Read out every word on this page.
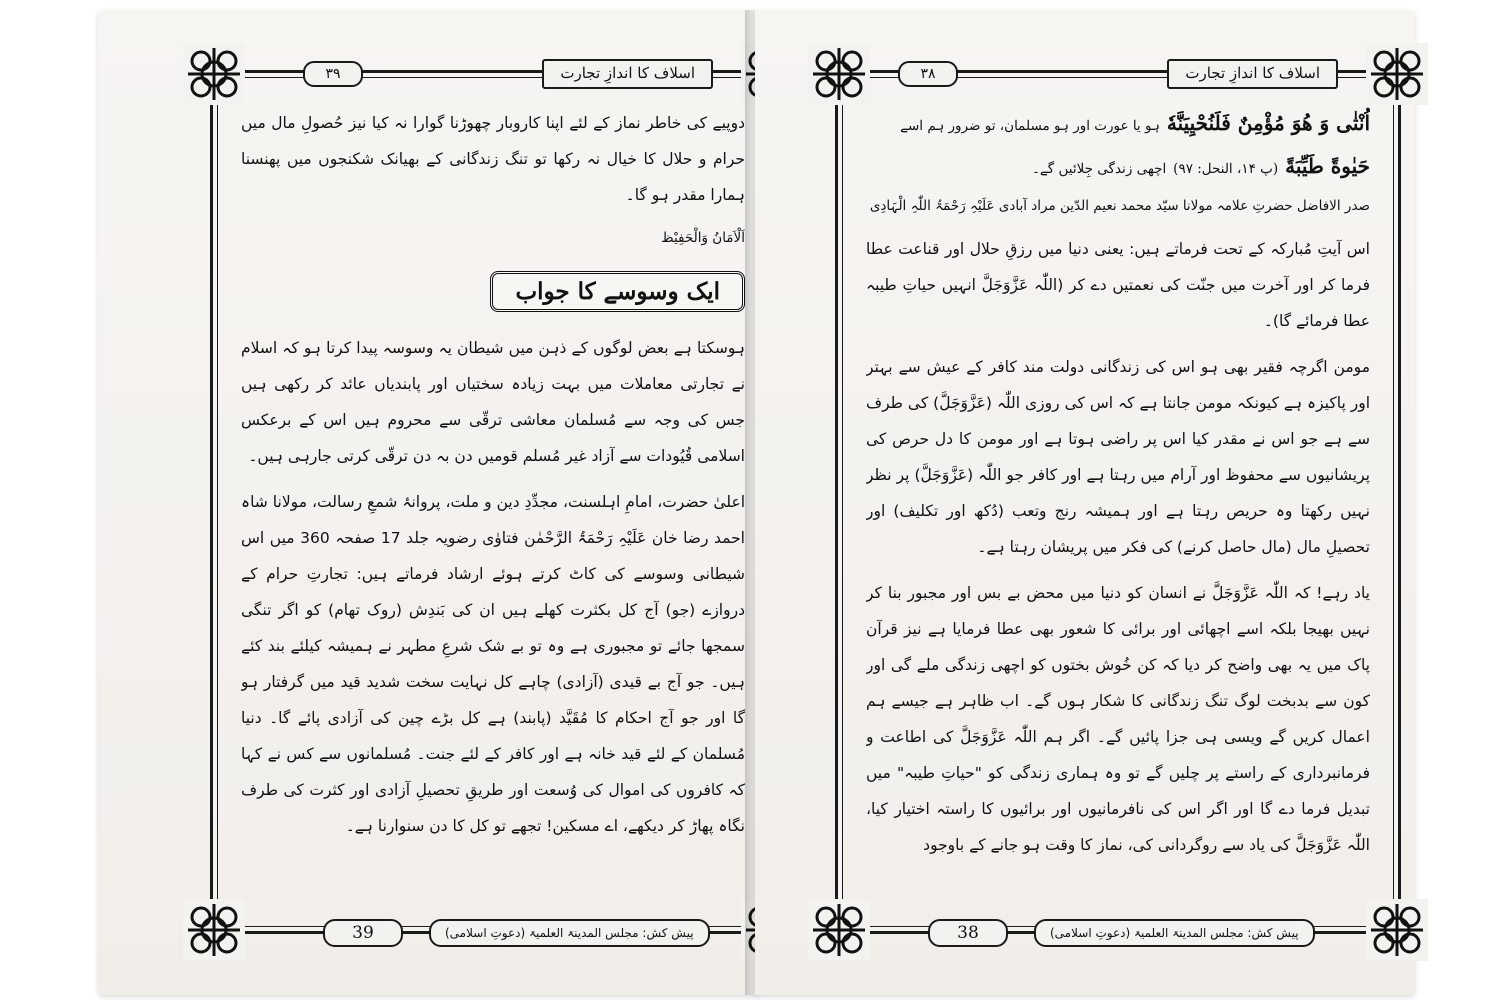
۳۹	اسلاف کا اندازِ تجارت

دوپیے کی خاطر نماز کے لئے اپنا کاروبار چھوڑنا گوارا نہ کیا نیز حُصولِ مال میں حرام و حلال کا خیال نہ رکھا تو تنگ زندگانی کے بھیانک شکنجوں میں پھنسنا ہمارا مقدر ہو گا۔

اَلْاَمَانُ وَالْحَفِیْظ

ایک وسوسے کا جواب

ہوسکتا ہے بعض لوگوں کے ذہن میں شیطان یہ وسوسہ پیدا کرتا ہو کہ اسلام نے تجارتی معاملات میں بہت زیادہ سختیاں اور پابندیاں عائد کر رکھی ہیں جس کی وجہ سے مُسلمان معاشی ترقّی سے محروم ہیں اس کے برعکس اسلامی قُیُودات سے آزاد غیر مُسلم قومیں دن بہ دن ترقّی کرتی جارہی ہیں۔

اعلیٰ حضرت، امامِ اہلسنت، مجدِّدِ دین و ملت، پروانۂ شمعِ رسالت، مولانا شاہ احمد رضا خان عَلَیْہِ رَحْمَۃُ الرَّحْمٰن فتاوٰی رضویہ جلد 17 صفحہ 360 میں اس شیطانی وسوسے کی کاٹ کرتے ہوئے ارشاد فرماتے ہیں: تجارتِ حرام کے دروازے (جو) آج کل بکثرت کھلے ہیں ان کی بَندِش (روک تھام) کو اگر تنگی سمجھا جائے تو مجبوری ہے وہ تو بے شک شرعِ مطہر نے ہمیشہ کیلئے بند کئے ہیں۔ جو آج بے قیدی (آزادی) چاہے کل نہایت سخت شدید قید میں گرفتار ہو گا اور جو آج احکام کا مُقَیَّد (پابند) ہے کل بڑے چین کی آزادی پائے گا۔ دنیا مُسلمان کے لئے قید خانہ ہے اور کافر کے لئے جنت۔ مُسلمانوں سے کس نے کہا کہ کافروں کی اموال کی وُسعت اور طریقِ تحصیلِ آزادی اور کثرت کی طرف نگاہ پھاڑ کر دیکھے، اے مسکین! تجھے تو کل کا دن سنوارنا ہے۔

39	پیش کش: مجلس المدینۃ العلمیۃ (دعوتِ اسلامی)
۳۸	اسلاف کا اندازِ تجارت

اُنْثٰی وَ هُوَ مُؤْمِنٌ فَلَنُحْیِیَنَّهٗ ہو یا عورت اور ہو مسلمان، تو ضرور ہم اسے

حَیٰوةً طَیِّبَةً (پ ۱۴، النحل: ۹۷) اچھی زندگی جِلائیں گے۔

صدر الافاضل حضرتِ علامہ مولانا سیّد محمد نعیم الدّین مراد آبادی عَلَیْہِ رَحْمَۃُ اللّٰہِ الْہَادِی

اس آیتِ مُبارکہ کے تحت فرماتے ہیں: یعنی دنیا میں رزقِ حلال اور قناعت عطا فرما کر اور آخرت میں جنّت کی نعمتیں دے کر (اللّٰہ عَزَّوَجَلَّ انہیں حیاتِ طیبہ عطا فرمائے گا)۔

مومن اگرچہ فقیر بھی ہو اس کی زندگانی دولت مند کافر کے عیش سے بہتر اور پاکیزہ ہے کیونکہ مومن جانتا ہے کہ اس کی روزی اللّٰہ (عَزَّوَجَلَّ) کی طرف سے ہے جو اس نے مقدر کیا اس پر راضی ہوتا ہے اور مومن کا دل حرص کی پریشانیوں سے محفوظ اور آرام میں رہتا ہے اور کافر جو اللّٰہ (عَزَّوَجَلَّ) پر نظر نہیں رکھتا وہ حریص رہتا ہے اور ہمیشہ رنج وتعب (دُکھ اور تکلیف) اور تحصیلِ مال (مال حاصل کرنے) کی فکر میں پریشان رہتا ہے۔

یاد رہے! کہ اللّٰہ عَزَّوَجَلَّ نے انسان کو دنیا میں محض بے بس اور مجبور بنا کر نہیں بھیجا بلکہ اسے اچھائی اور برائی کا شعور بھی عطا فرمایا ہے نیز قرآن پاک میں یہ بھی واضح کر دیا کہ کن خُوش بختوں کو اچھی زندگی ملے گی اور کون سے بدبخت لوگ تنگ زندگانی کا شکار ہوں گے۔ اب ظاہر ہے جیسے ہم اعمال کریں گے ویسی ہی جزا پائیں گے۔ اگر ہم اللّٰہ عَزَّوَجَلَّ کی اطاعت و فرمانبرداری کے راستے پر چلیں گے تو وہ ہماری زندگی کو "حیاتِ طیبہ" میں تبدیل فرما دے گا اور اگر اس کی نافرمانیوں اور برائیوں کا راستہ اختیار کیا، اللّٰہ عَزَّوَجَلَّ کی یاد سے روگردانی کی، نماز کا وقت ہو جانے کے باوجود

38	پیش کش: مجلس المدینۃ العلمیۃ (دعوتِ اسلامی)
